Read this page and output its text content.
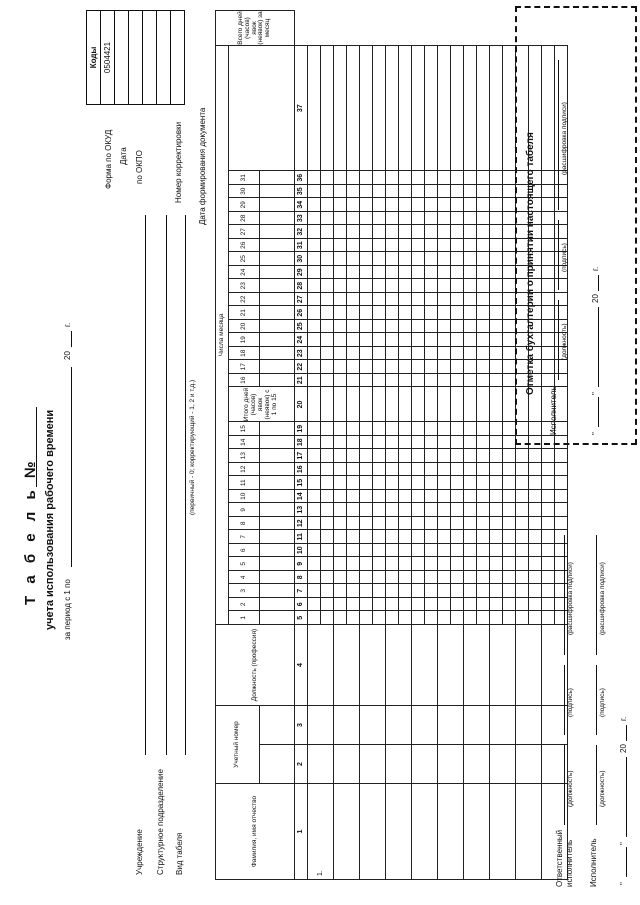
Т а б е л ь № учета использования рабочего времени за период с 1 по
20
г.
Учреждение Структурное подразделение Вид табеля
(первичный - 0; корректирующий - 1, 2 и т.д.)
Форма по ОКУД Дата по ОКПО	Номер корректировки Дата формирования документа
Коды
0504421

Фамилия, имя отчество	Учетный номер		Должность (профессия)	Числа месяца																																	Всего дней (часов) явок (неявок) за месяц
				1	2	3	4	5	6	7	8	9	10	11	12	13	14	15	Итого дней (часов) явок (неявок) с 1 по 15	16	17	18	19	20	21	22	23	24	25	26	27	28	29	30	31		

1	2	3	4	5	6	7	8	9	10	11	12	13	14	15	16	17	18	19	20	21	22	23	24	25	26	27	28	29	30	31	32	33	34	35	36	37	
1.																																					

																																	Ответственный исполнитель
(должность)
(подпись)
(расшифровка подписи)
Исполнитель
(должность)
(подпись)
(расшифровка подписи)
"
"
20
г.
Отметка бухгалтерии о принятии настоящего табеля
Исполнитель
(должность)
(подпись)
(расшифровка подписи)
"
"
20
г.
